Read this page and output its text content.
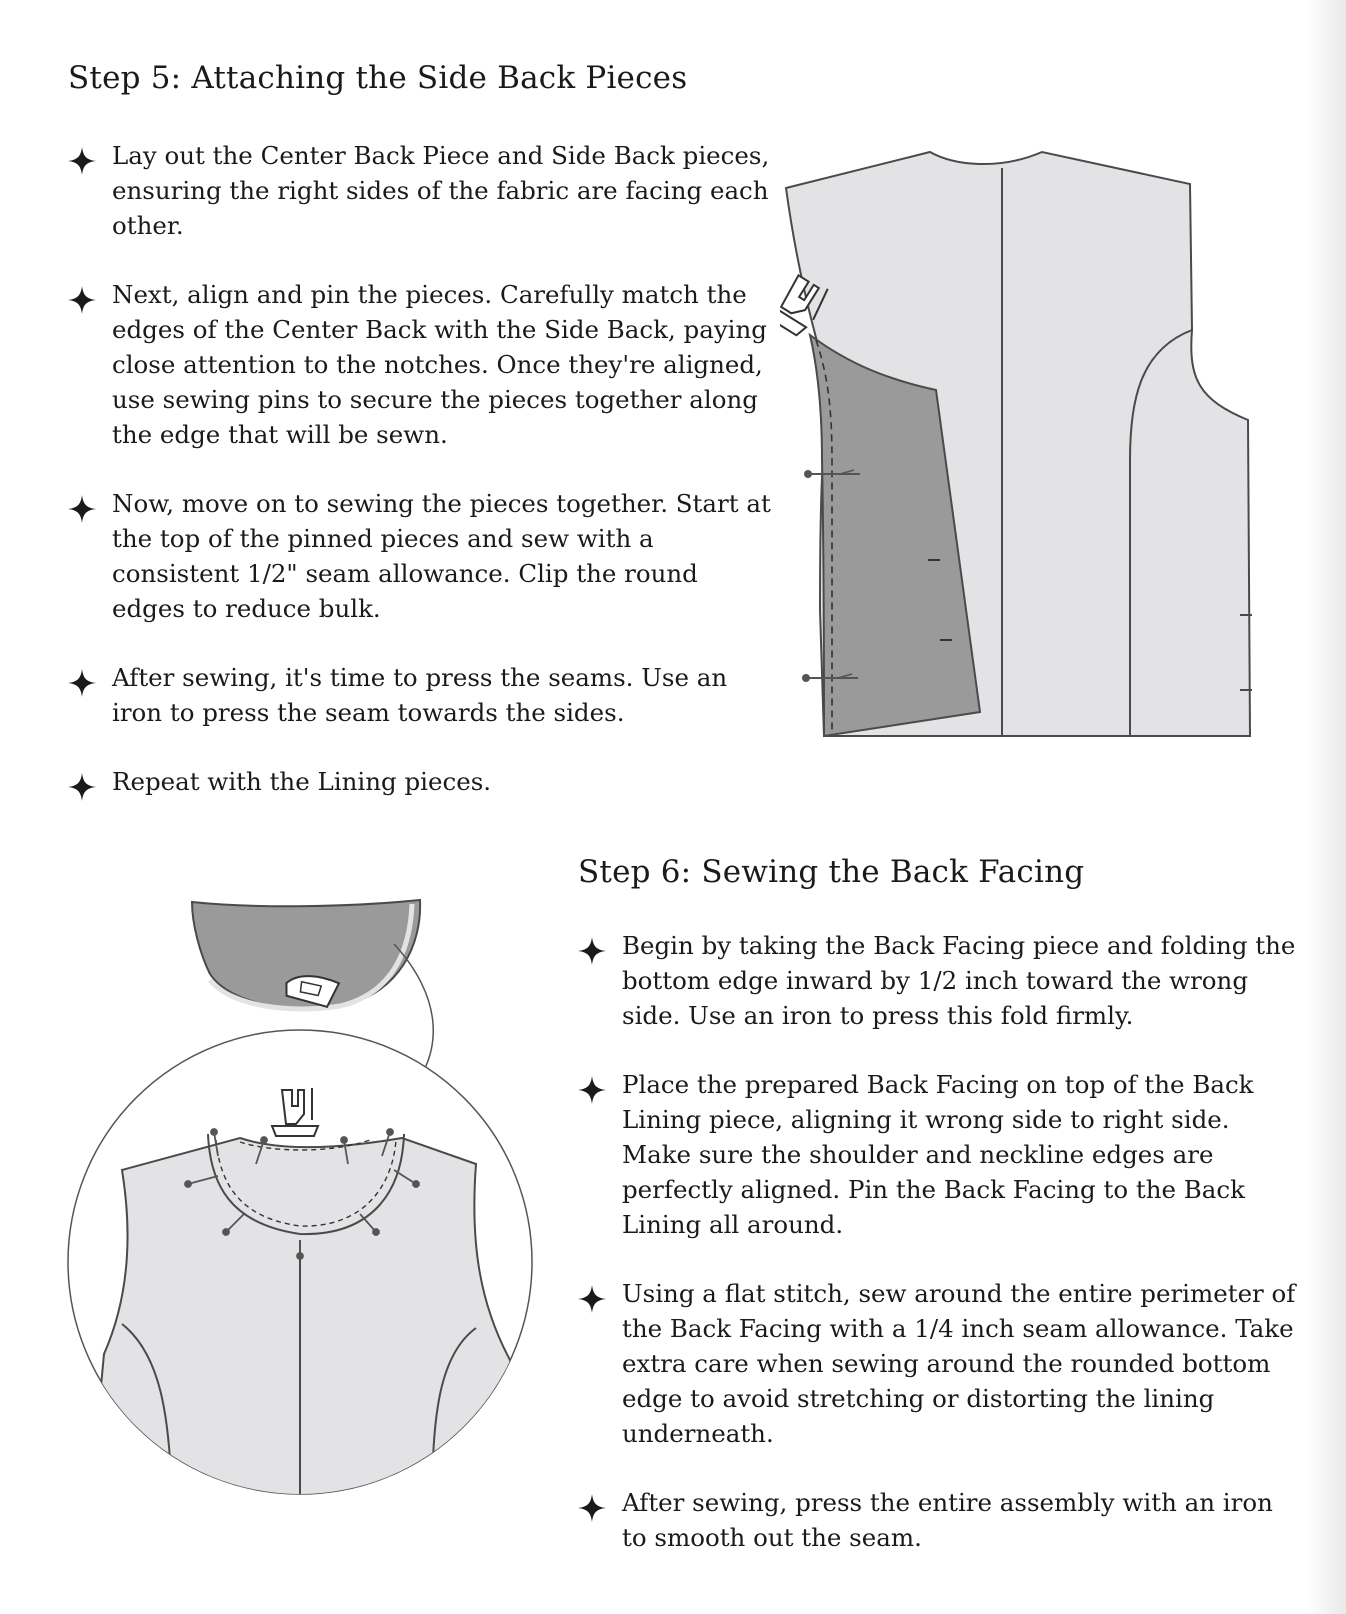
Step 5: Attaching the Side Back Pieces
Lay out the Center Back Piece and Side Back pieces, ensuring the right sides of the fabric are facing each other.
Next, align and pin the pieces. Carefully match the edges of the Center Back with the Side Back, paying close attention to the notches. Once they're aligned, use sewing pins to secure the pieces together along the edge that will be sewn.
Now, move on to sewing the pieces together. Start at the top of the pinned pieces and sew with a consistent 1/2" seam allowance. Clip the round edges to reduce bulk.
After sewing, it's time to press the seams. Use an iron to press the seam towards the sides.
Repeat with the Lining pieces.
Step 6: Sewing the Back Facing
Begin by taking the Back Facing piece and folding the bottom edge inward by 1/2 inch toward the wrong side. Use an iron to press this fold firmly.
Place the prepared Back Facing on top of the Back Lining piece, aligning it wrong side to right side. Make sure the shoulder and neckline edges are perfectly aligned. Pin the Back Facing to the Back Lining all around.
Using a flat stitch, sew around the entire perimeter of the Back Facing with a 1/4 inch seam allowance. Take extra care when sewing around the rounded bottom edge to avoid stretching or distorting the lining underneath.
After sewing, press the entire assembly with an iron to smooth out the seam.
